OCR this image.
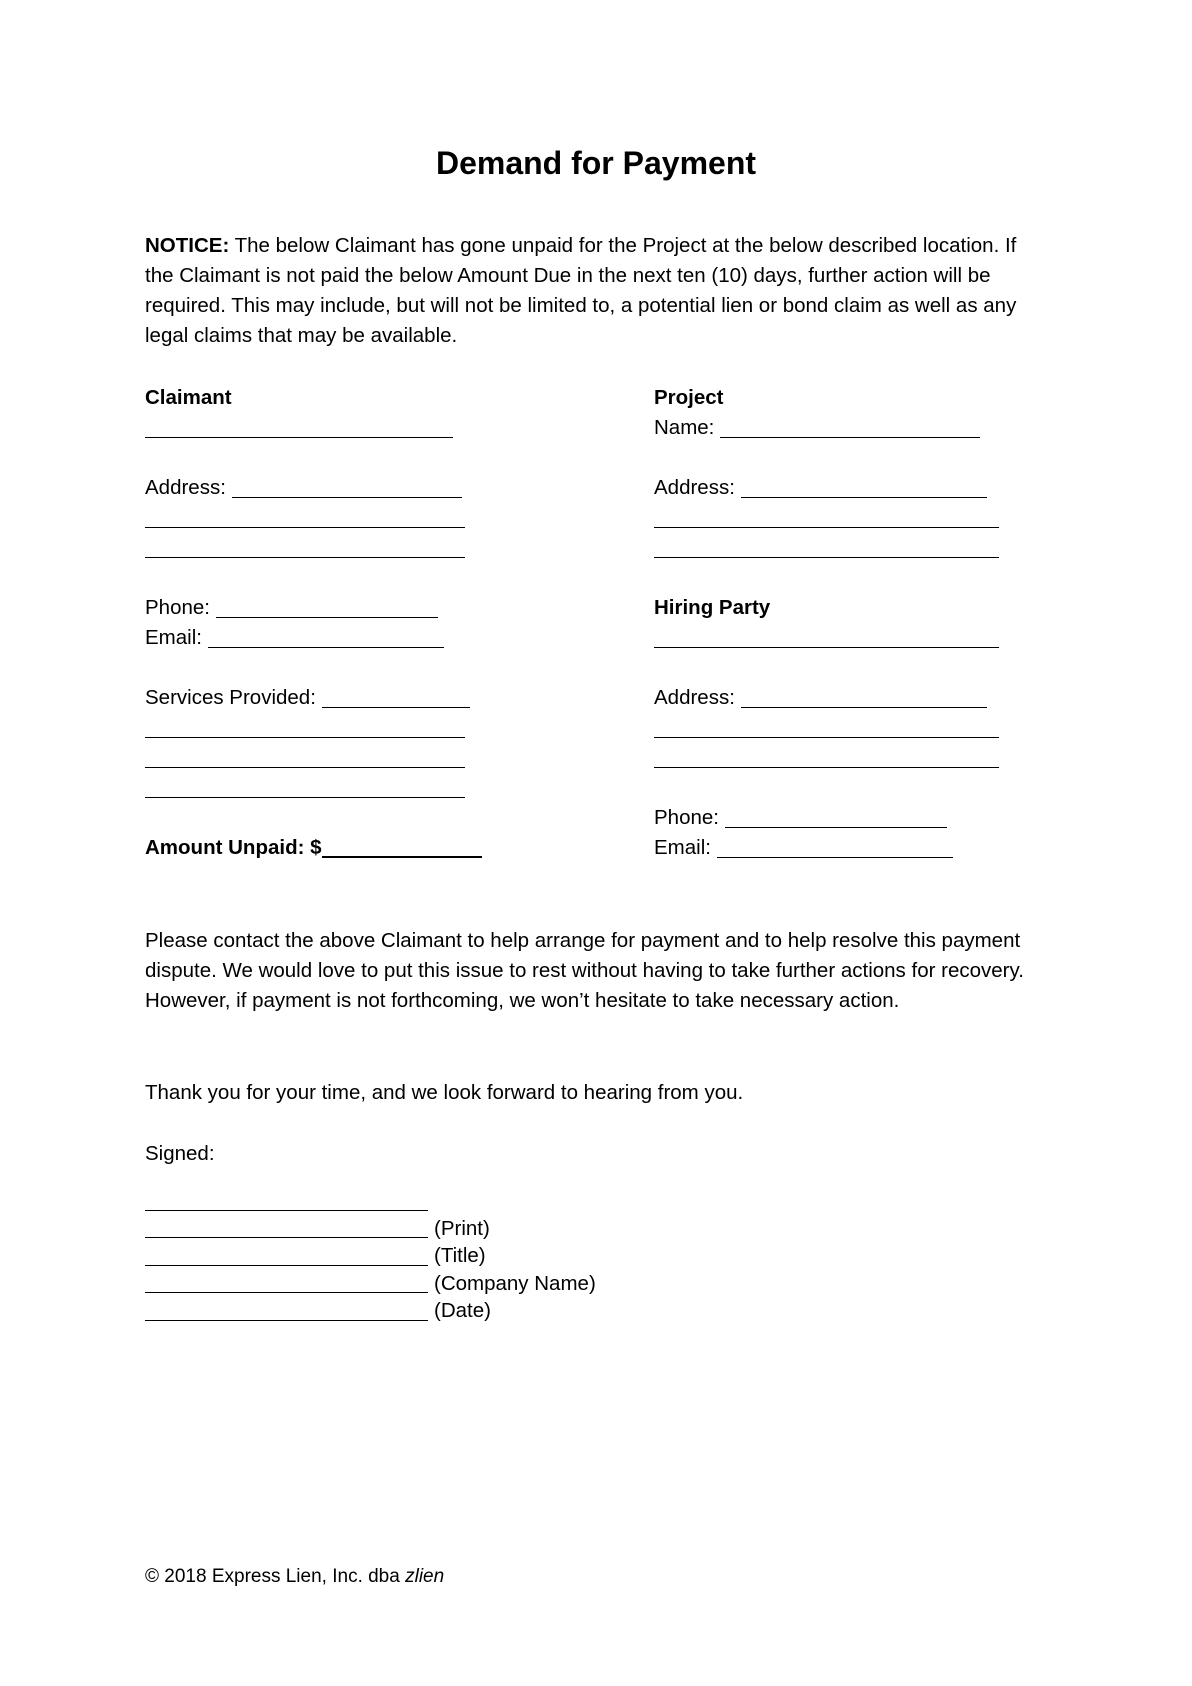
Demand for Payment
NOTICE: The below Claimant has gone unpaid for the Project at the below described location. If the Claimant is not paid the below Amount Due in the next ten (10) days, further action will be required. This may include, but will not be limited to, a potential lien or bond claim as well as any legal claims that may be available.
Claimant
Address:
Phone:
Email:
Services Provided:
Amount Unpaid: $
Project
Name:
Address:
Hiring Party
Address:
Phone:
Email:
Please contact the above Claimant to help arrange for payment and to help resolve this payment dispute. We would love to put this issue to rest without having to take further actions for recovery. However, if payment is not forthcoming, we won’t hesitate to take necessary action.
Thank you for your time, and we look forward to hearing from you.
Signed:
(Print)
(Title)
(Company Name)
(Date)
© 2018 Express Lien, Inc. dba zlien
